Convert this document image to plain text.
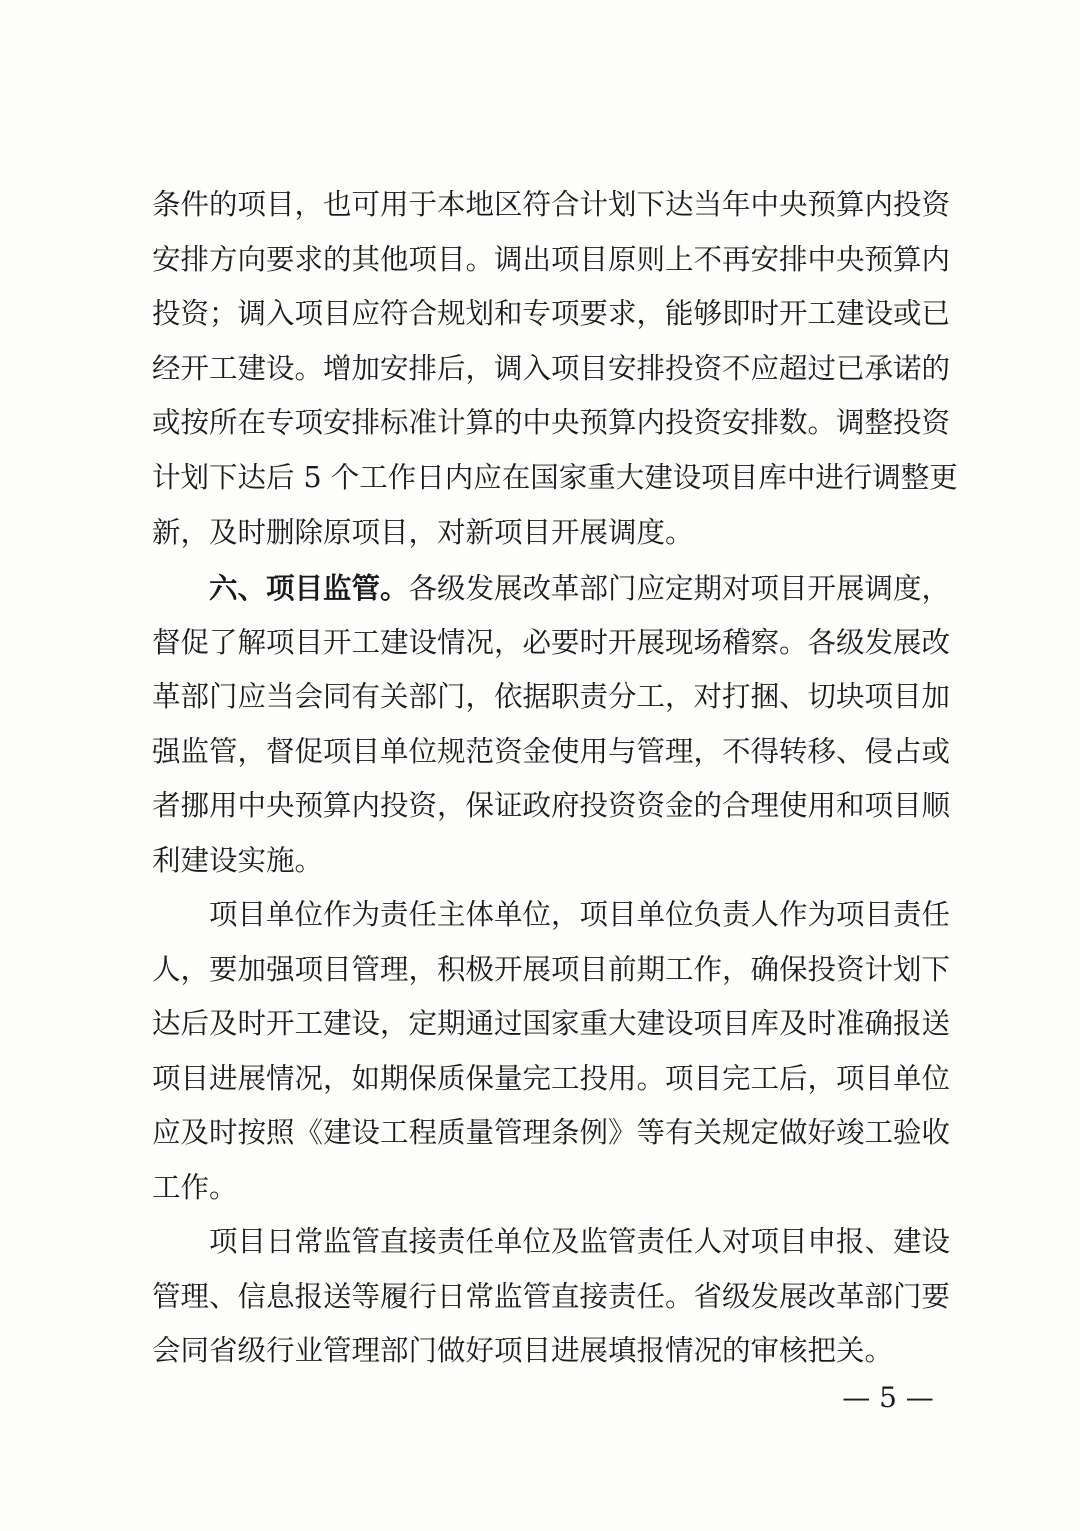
条件的项目，也可用于本地区符合计划下达当年中央预算内投资
安排方向要求的其他项目。调出项目原则上不再安排中央预算内
投资；调入项目应符合规划和专项要求，能够即时开工建设或已
经开工建设。增加安排后，调入项目安排投资不应超过已承诺的
或按所在专项安排标准计算的中央预算内投资安排数。调整投资
计划下达后 5 个工作日内应在国家重大建设项目库中进行调整更
新，及时删除原项目，对新项目开展调度。
六、项目监管。各级发展改革部门应定期对项目开展调度，
督促了解项目开工建设情况，必要时开展现场稽察。各级发展改
革部门应当会同有关部门，依据职责分工，对打捆、切块项目加
强监管，督促项目单位规范资金使用与管理，不得转移、侵占或
者挪用中央预算内投资，保证政府投资资金的合理使用和项目顺
利建设实施。
项目单位作为责任主体单位，项目单位负责人作为项目责任
人，要加强项目管理，积极开展项目前期工作，确保投资计划下
达后及时开工建设，定期通过国家重大建设项目库及时准确报送
项目进展情况，如期保质保量完工投用。项目完工后，项目单位
应及时按照《建设工程质量管理条例》等有关规定做好竣工验收
工作。
项目日常监管直接责任单位及监管责任人对项目申报、建设
管理、信息报送等履行日常监管直接责任。省级发展改革部门要
会同省级行业管理部门做好项目进展填报情况的审核把关。
— 5 —
